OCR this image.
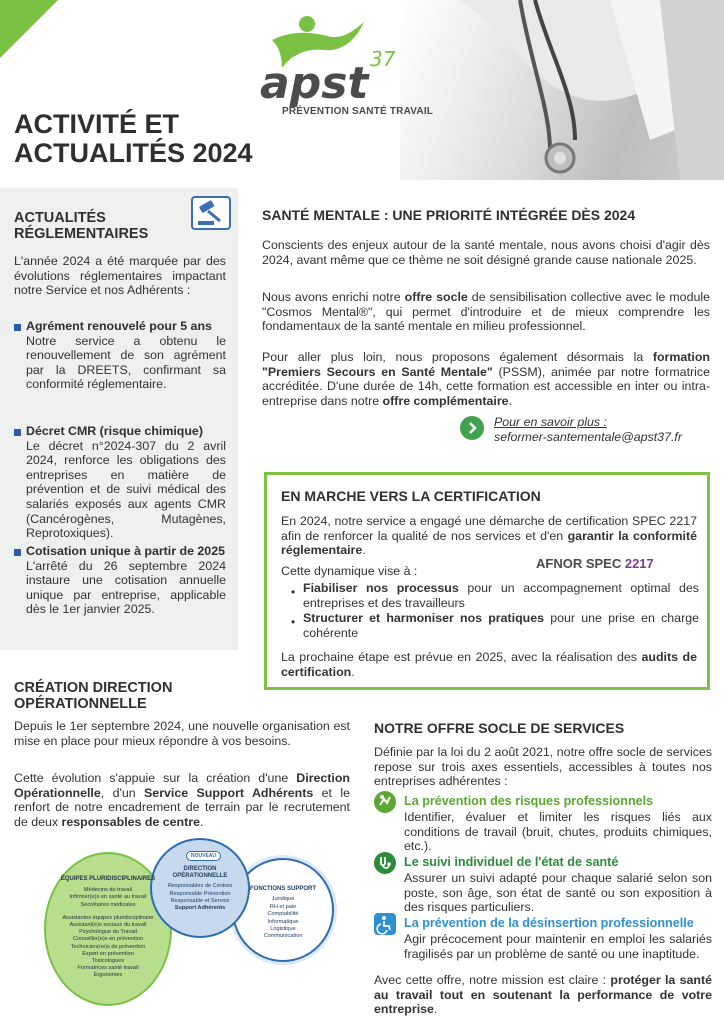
apst 37
PRÉVENTION SANTÉ TRAVAIL
ACTIVITÉ ET
ACTUALITÉS 2024
ACTUALITÉS
RÉGLEMENTAIRES
L'année 2024 a été marquée par des évolutions réglementaires impactant notre Service et nos Adhérents :
Agrément renouvelé pour 5 ans
Notre service a obtenu le renouvellement de son agrément par la DREETS, confirmant sa conformité réglementaire.
Décret CMR (risque chimique)
Le décret n°2024-307 du 2 avril 2024, renforce les obligations des entreprises en matière de prévention et de suivi médical des salariés exposés aux agents CMR (Cancérogènes, Mutagènes, Reprotoxiques).
Cotisation unique à partir de 2025
L'arrêté du 26 septembre 2024 instaure une cotisation annuelle unique par entreprise, applicable dès le 1er janvier 2025.
SANTÉ MENTALE : UNE PRIORITÉ INTÉGRÉE DÈS 2024
Conscients des enjeux autour de la santé mentale, nous avons choisi d'agir dès 2024, avant même que ce thème ne soit désigné grande cause nationale 2025.
Nous avons enrichi notre offre socle de sensibilisation collective avec le module "Cosmos Mental®", qui permet d'introduire et de mieux comprendre les fondamentaux de la santé mentale en milieu professionnel.
Pour aller plus loin, nous proposons également désormais la formation "Premiers Secours en Santé Mentale" (PSSM), animée par notre formatrice accréditée. D'une durée de 14h, cette formation est accessible en inter ou intra-entreprise dans notre offre complémentaire.
Pour en savoir plus :
seformer-santementale@apst37.fr
EN MARCHE VERS LA CERTIFICATION
En 2024, notre service a engagé une démarche de certification SPEC 2217 afin de renforcer la qualité de nos services et d'en garantir la conformité réglementaire.
AFNOR SPEC 2217
Cette dynamique vise à :
• Fiabiliser nos processus pour un accompagnement optimal des entreprises et des travailleurs
• Structurer et harmoniser nos pratiques pour une prise en charge cohérente
La prochaine étape est prévue en 2025, avec la réalisation des audits de certification.
CRÉATION DIRECTION
OPÉRATIONNELLE
Depuis le 1er septembre 2024, une nouvelle organisation est mise en place pour mieux répondre à vos besoins.
Cette évolution s'appuie sur la création d'une Direction Opérationnelle, d'un Service Support Adhérents et le renfort de notre encadrement de terrain par le recrutement de deux responsables de centre.
ÉQUIPES PLURIDISCIPLINAIRES
Médecins du travail
Infirmier(e)s en santé au travail
Secrétaires médicales
Assistantes équipes pluridisciplinaire
Assistant(e)s sociaux du travail
Psychologue du Travail
Conseiller(e)s en prévention
Technicien(ne)s de prévention
Expert en prévention
Toxicologues
Formatrices santé travail
Ergonomes
NOUVEAU
DIRECTION OPÉRATIONNELLE
Responsables de Centres
Responsable Prévention
Responsable et Service
Support Adhérents
FONCTIONS SUPPORT
Juridique
RH et paie
Comptabilité
Informatique
Logistique
Communication
NOTRE OFFRE SOCLE DE SERVICES
Définie par la loi du 2 août 2021, notre offre socle de services repose sur trois axes essentiels, accessibles à toutes nos entreprises adhérentes :
La prévention des risques professionnels
Identifier, évaluer et limiter les risques liés aux conditions de travail (bruit, chutes, produits chimiques, etc.).
Le suivi individuel de l'état de santé
Assurer un suivi adapté pour chaque salarié selon son poste, son âge, son état de santé ou son exposition à des risques particuliers.
La prévention de la désinsertion professionnelle
Agir précocement pour maintenir en emploi les salariés fragilisés par un problème de santé ou une inaptitude.
Avec cette offre, notre mission est claire : protéger la santé au travail tout en soutenant la performance de votre entreprise.
